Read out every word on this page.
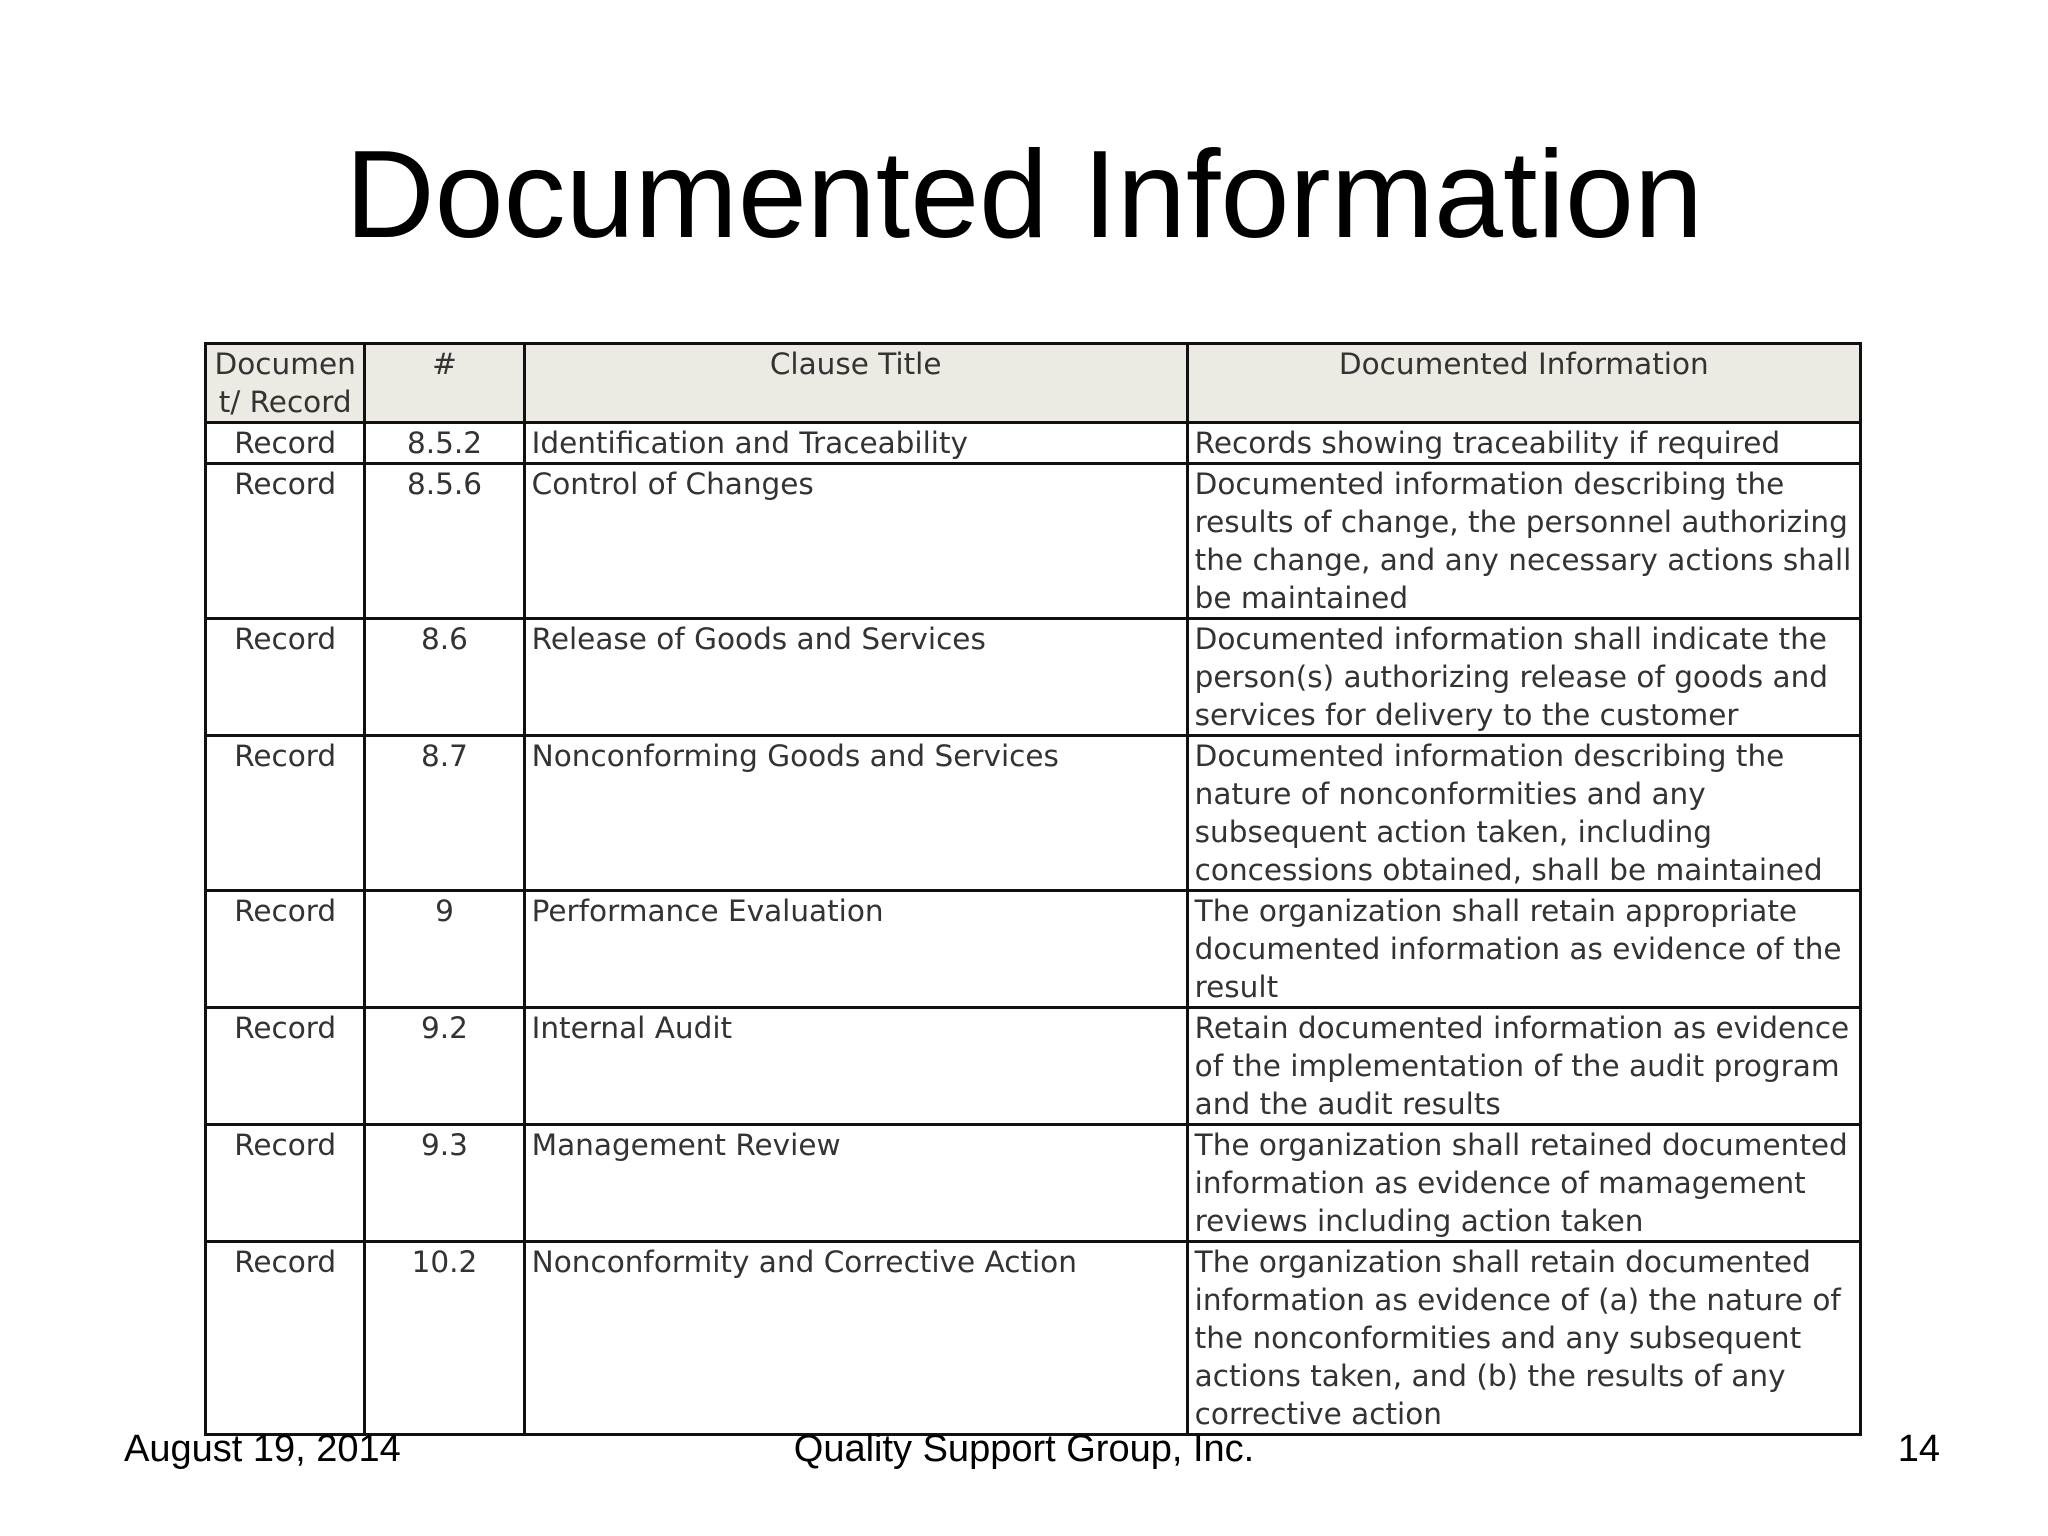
Documented Information
Document/ Record	#	Clause Title	Documented Information
Record	8.5.2	Identification and Traceability	Records showing traceability if required
Record	8.5.6	Control of Changes	Documented information describing the results of change, the personnel authorizing the change, and any necessary actions shall be maintained
Record	8.6	Release of Goods and Services	Documented information shall indicate the person(s) authorizing release of goods and services for delivery to the customer
Record	8.7	Nonconforming Goods and Services	Documented information describing the nature of nonconformities and any subsequent action taken, including concessions obtained, shall be maintained
Record	9	Performance Evaluation	The organization shall retain appropriate documented information as evidence of the result
Record	9.2	Internal Audit	Retain documented information as evidence of the implementation of the audit program and the audit results
Record	9.3	Management Review	The organization shall retained documented information as evidence of mamagement reviews including action taken
Record	10.2	Nonconformity and Corrective Action	The organization shall retain documented information as evidence of (a) the nature of the nonconformities and any subsequent actions taken, and (b) the results of any corrective action
August 19, 2014	Quality Support Group, Inc.	14
